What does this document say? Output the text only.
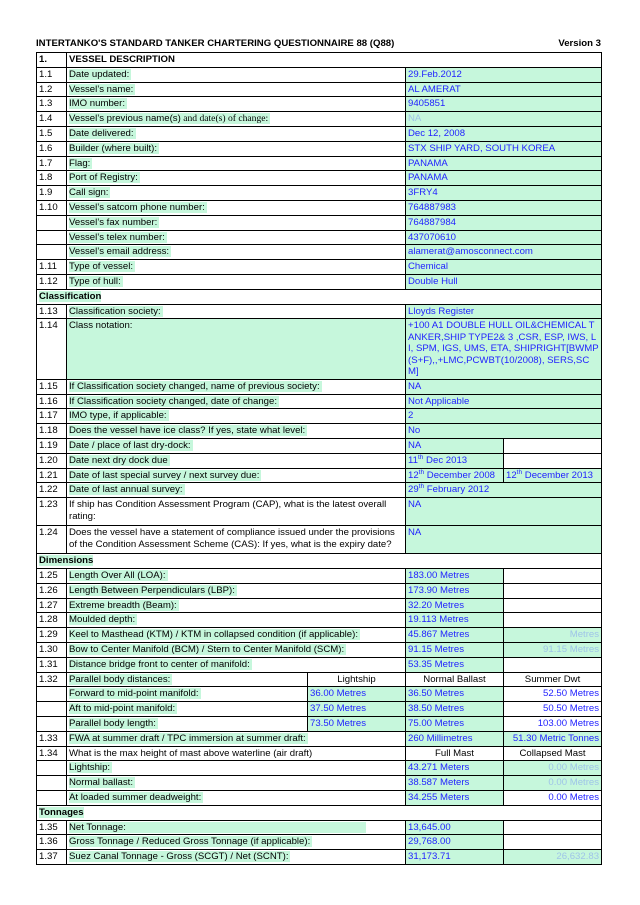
INTERTANKO'S STANDARD TANKER CHARTERING QUESTIONNAIRE 88 (Q88)	Version 3
1.	VESSEL DESCRIPTION			
1.1	Date updated:		29.Feb.2012	
1.2	Vessel’s name:		AL AMERAT	
1.3	IMO number:		9405851	
1.4	Vessel’s previous name(s) and date(s) of change:		NA	
1.5	Date delivered:		Dec 12, 2008	
1.6	Builder (where built):		STX SHIP YARD, SOUTH KOREA	
1.7	Flag:		PANAMA	
1.8	Port of Registry:		PANAMA	
1.9	Call sign:		3FRY4	
1.10	Vessel’s satcom phone number:		764887983	
	Vessel’s fax number:		764887984	
	Vessel’s telex number:		437070610	
	Vessel’s email address:		alamerat@amosconnect.com	
1.11	Type of vessel:		Chemical	
1.12	Type of hull:		Double Hull	
Classification				
1.13	Classification society:		Lloyds Register	
1.14	Class notation:		+100 A1 DOUBLE HULL OIL&CHEMICAL TANKER,SHIP TYPE2& 3 ,CSR, ESP, IWS, LI, SPM, IGS, UMS, ETA, SHIPRIGHT[BWMP(S+F),,+LMC,PCWBT(10/2008), SERS,SCM]	
1.15	If Classification society changed, name of previous society:		NA	
1.16	If Classification society changed, date of change:		Not Applicable	
1.17	IMO type, if applicable:		2	
1.18	Does the vessel have ice class? If yes, state what level:		No	
1.19	Date / place of last dry-dock:		NA	
1.20	Date next dry dock due		11th Dec 2013	
1.21	Date of last special survey / next survey due:		12th December 2008	12th December 2013
1.22	Date of last annual survey:		29th February 2012	
1.23	If ship has Condition Assessment Program (CAP), what is the latest overall rating:		NA	
1.24	Does the vessel have a statement of compliance issued under the provisions of the Condition Assessment Scheme (CAS): If yes, what is the expiry date?		NA	
Dimensions				
1.25	Length Over All (LOA):		183.00 Metres	
1.26	Length Between Perpendiculars (LBP):		173.90 Metres	
1.27	Extreme breadth (Beam):		32.20 Metres	
1.28	Moulded depth:		19.113 Metres	
1.29	Keel to Masthead (KTM) / KTM in collapsed condition (if applicable):		45.867 Metres	Metres
1.30	Bow to Center Manifold (BCM) / Stern to Center Manifold (SCM):		91.15 Metres	91.15 Metres
1.31	Distance bridge front to center of manifold:		53.35 Metres	
1.32	Parallel body distances:	Lightship	Normal Ballast	Summer Dwt
	Forward to mid-point manifold:	36.00 Metres	36.50 Metres	52.50 Metres
	Aft to mid-point manifold:	37.50 Metres	38.50 Metres	50.50 Metres
	Parallel body length:	73.50 Metres	75.00 Metres	103.00 Metres
1.33	FWA at summer draft / TPC immersion at summer draft:		260 Millimetres	51.30 Metric Tonnes
1.34	What is the max height of mast above waterline (air draft)		Full Mast	Collapsed Mast
	Lightship:		43.271 Meters	0.00 Metres
	Normal ballast:		38.587 Meters	0.00 Metres
	At loaded summer deadweight:		34.255 Meters	0.00 Metres
Tonnages				
1.35	Net Tonnage:		13,645.00	
1.36	Gross Tonnage / Reduced Gross Tonnage (if applicable):		29,768.00	
1.37	Suez Canal Tonnage - Gross (SCGT) / Net (SCNT):		31,173.71	26,632.83
